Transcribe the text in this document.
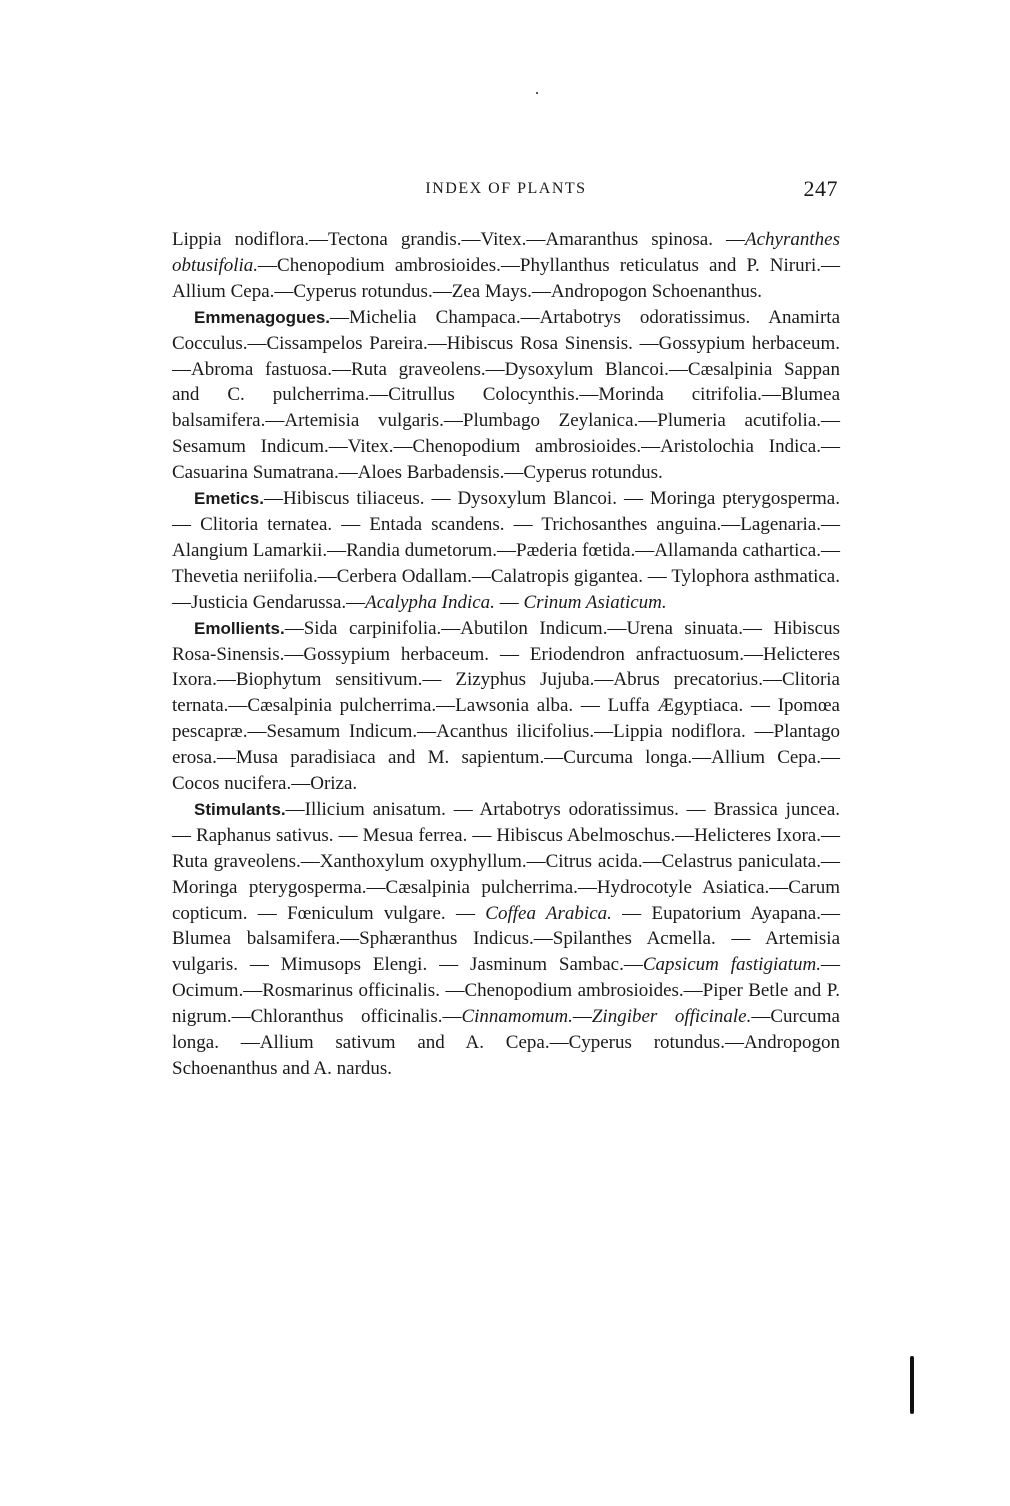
INDEX OF PLANTS	247

Lippia nodiflora.—Tectona grandis.—Vitex.—Amaranthus spinosa. —Achyranthes obtusifolia.—Chenopodium ambrosioides.—Phyllanthus reticulatus and P. Niruri.—Allium Cepa.—Cyperus rotundus.—Zea Mays.—Andropogon Schoenanthus.

Emmenagogues.—Michelia Champaca.—Artabotrys odoratissimus. Anamirta Cocculus.—Cissampelos Pareira.—Hibiscus Rosa Sinensis. —Gossypium herbaceum.—Abroma fastuosa.—Ruta graveolens.—Dysoxylum Blancoi.—Cæsalpinia Sappan and C. pulcherrima.—Citrullus Colocynthis.—Morinda citrifolia.—Blumea balsamifera.—Artemisia vulgaris.—Plumbago Zeylanica.—Plumeria acutifolia.—Sesamum Indicum.—Vitex.—Chenopodium ambrosioides.—Aristolochia Indica.— Casuarina Sumatrana.—Aloes Barbadensis.—Cyperus rotundus.

Emetics.—Hibiscus tiliaceus. — Dysoxylum Blancoi. — Moringa pterygosperma.— Clitoria ternatea. — Entada scandens. — Trichosanthes anguina.—Lagenaria.—Alangium Lamarkii.—Randia dumetorum.—Pæderia fœtida.—Allamanda cathartica.—Thevetia neriifolia.—Cerbera Odallam.—Calatropis gigantea. — Tylophora asthmatica.—Justicia Gendarussa.—Acalypha Indica. — Crinum Asiaticum.

Emollients.—Sida carpinifolia.—Abutilon Indicum.—Urena sinuata.— Hibiscus Rosa-Sinensis.—Gossypium herbaceum. — Eriodendron anfractuosum.—Helicteres Ixora.—Biophytum sensitivum.— Zizyphus Jujuba.—Abrus precatorius.—Clitoria ternata.—Cæsalpinia pulcherrima.—Lawsonia alba. — Luffa Ægyptiaca. — Ipomœa pescapræ.—Sesamum Indicum.—Acanthus ilicifolius.—Lippia nodiflora. —Plantago erosa.—Musa paradisiaca and M. sapientum.—Curcuma longa.—Allium Cepa.—Cocos nucifera.—Oriza.

Stimulants.—Illicium anisatum. — Artabotrys odoratissimus. — Brassica juncea. — Raphanus sativus. — Mesua ferrea. — Hibiscus Abelmoschus.—Helicteres Ixora.—Ruta graveolens.—Xanthoxylum oxyphyllum.—Citrus acida.—Celastrus paniculata.—Moringa pterygosperma.—Cæsalpinia pulcherrima.—Hydrocotyle Asiatica.—Carum copticum. — Fœniculum vulgare. — Coffea Arabica. — Eupatorium Ayapana.—Blumea balsamifera.—Sphæranthus Indicus.—Spilanthes Acmella. — Artemisia vulgaris. — Mimusops Elengi. — Jasminum Sambac.—Capsicum fastigiatum.—Ocimum.—Rosmarinus officinalis. —Chenopodium ambrosioides.—Piper Betle and P. nigrum.—Chloranthus officinalis.—Cinnamomum.—Zingiber officinale.—Curcuma longa. —Allium sativum and A. Cepa.—Cyperus rotundus.—Andropogon Schoenanthus and A. nardus.
